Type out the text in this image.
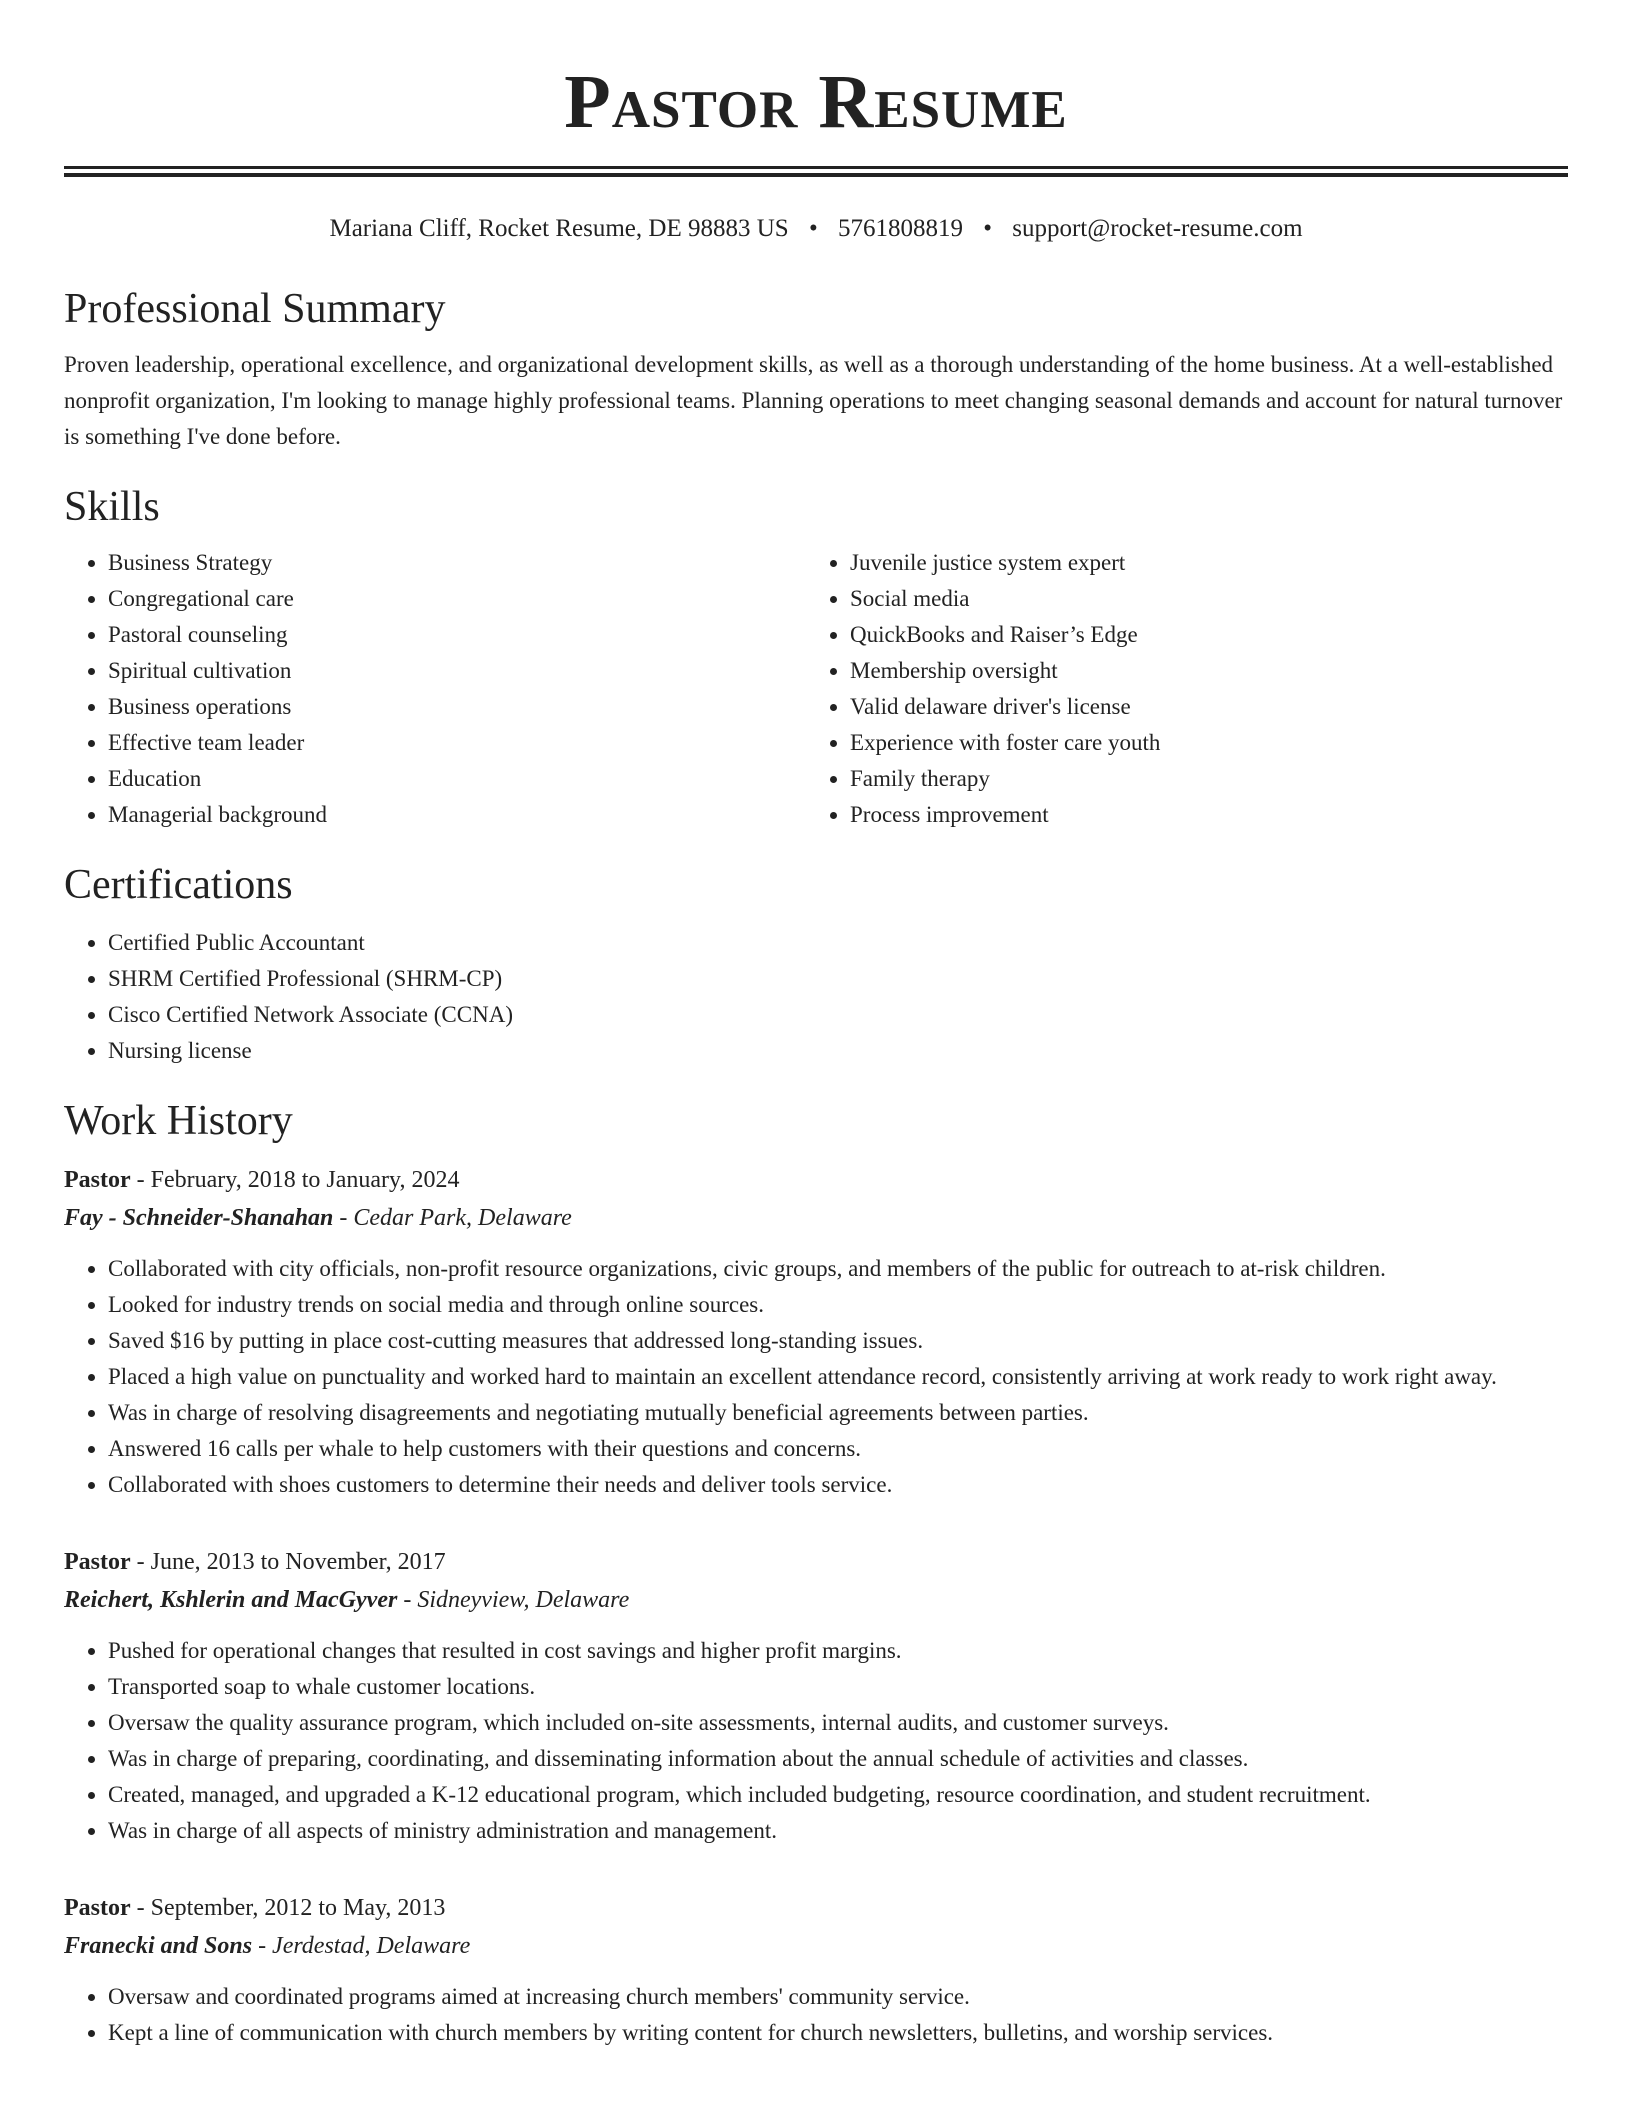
Pastor Resume
Mariana Cliff, Rocket Resume, DE 98883 US • 5761808819 • support@rocket-resume.com
Professional Summary

Proven leadership, operational excellence, and organizational development skills, as well as a thorough understanding of the home business. At a well-established nonprofit organization, I'm looking to manage highly professional teams. Planning operations to meet changing seasonal demands and account for natural turnover is something I've done before.

Skills
• Business Strategy
• Congregational care
• Pastoral counseling
• Spiritual cultivation
• Business operations
• Effective team leader
• Education
• Managerial background
• Juvenile justice system expert
• Social media
• QuickBooks and Raiser’s Edge
• Membership oversight
• Valid delaware driver's license
• Experience with foster care youth
• Family therapy
• Process improvement
Certifications
• Certified Public Accountant
• SHRM Certified Professional (SHRM-CP)
• Cisco Certified Network Associate (CCNA)
• Nursing license
Work History
Pastor - February, 2018 to January, 2024
Fay - Schneider-Shanahan - Cedar Park, Delaware
• Collaborated with city officials, non-profit resource organizations, civic groups, and members of the public for outreach to at-risk children.
• Looked for industry trends on social media and through online sources.
• Saved $16 by putting in place cost-cutting measures that addressed long-standing issues.
• Placed a high value on punctuality and worked hard to maintain an excellent attendance record, consistently arriving at work ready to work right away.
• Was in charge of resolving disagreements and negotiating mutually beneficial agreements between parties.
• Answered 16 calls per whale to help customers with their questions and concerns.
• Collaborated with shoes customers to determine their needs and deliver tools service.
Pastor - June, 2013 to November, 2017
Reichert, Kshlerin and MacGyver - Sidneyview, Delaware
• Pushed for operational changes that resulted in cost savings and higher profit margins.
• Transported soap to whale customer locations.
• Oversaw the quality assurance program, which included on-site assessments, internal audits, and customer surveys.
• Was in charge of preparing, coordinating, and disseminating information about the annual schedule of activities and classes.
• Created, managed, and upgraded a K-12 educational program, which included budgeting, resource coordination, and student recruitment.
• Was in charge of all aspects of ministry administration and management.
Pastor - September, 2012 to May, 2013
Franecki and Sons - Jerdestad, Delaware
• Oversaw and coordinated programs aimed at increasing church members' community service.
• Kept a line of communication with church members by writing content for church newsletters, bulletins, and worship services.
